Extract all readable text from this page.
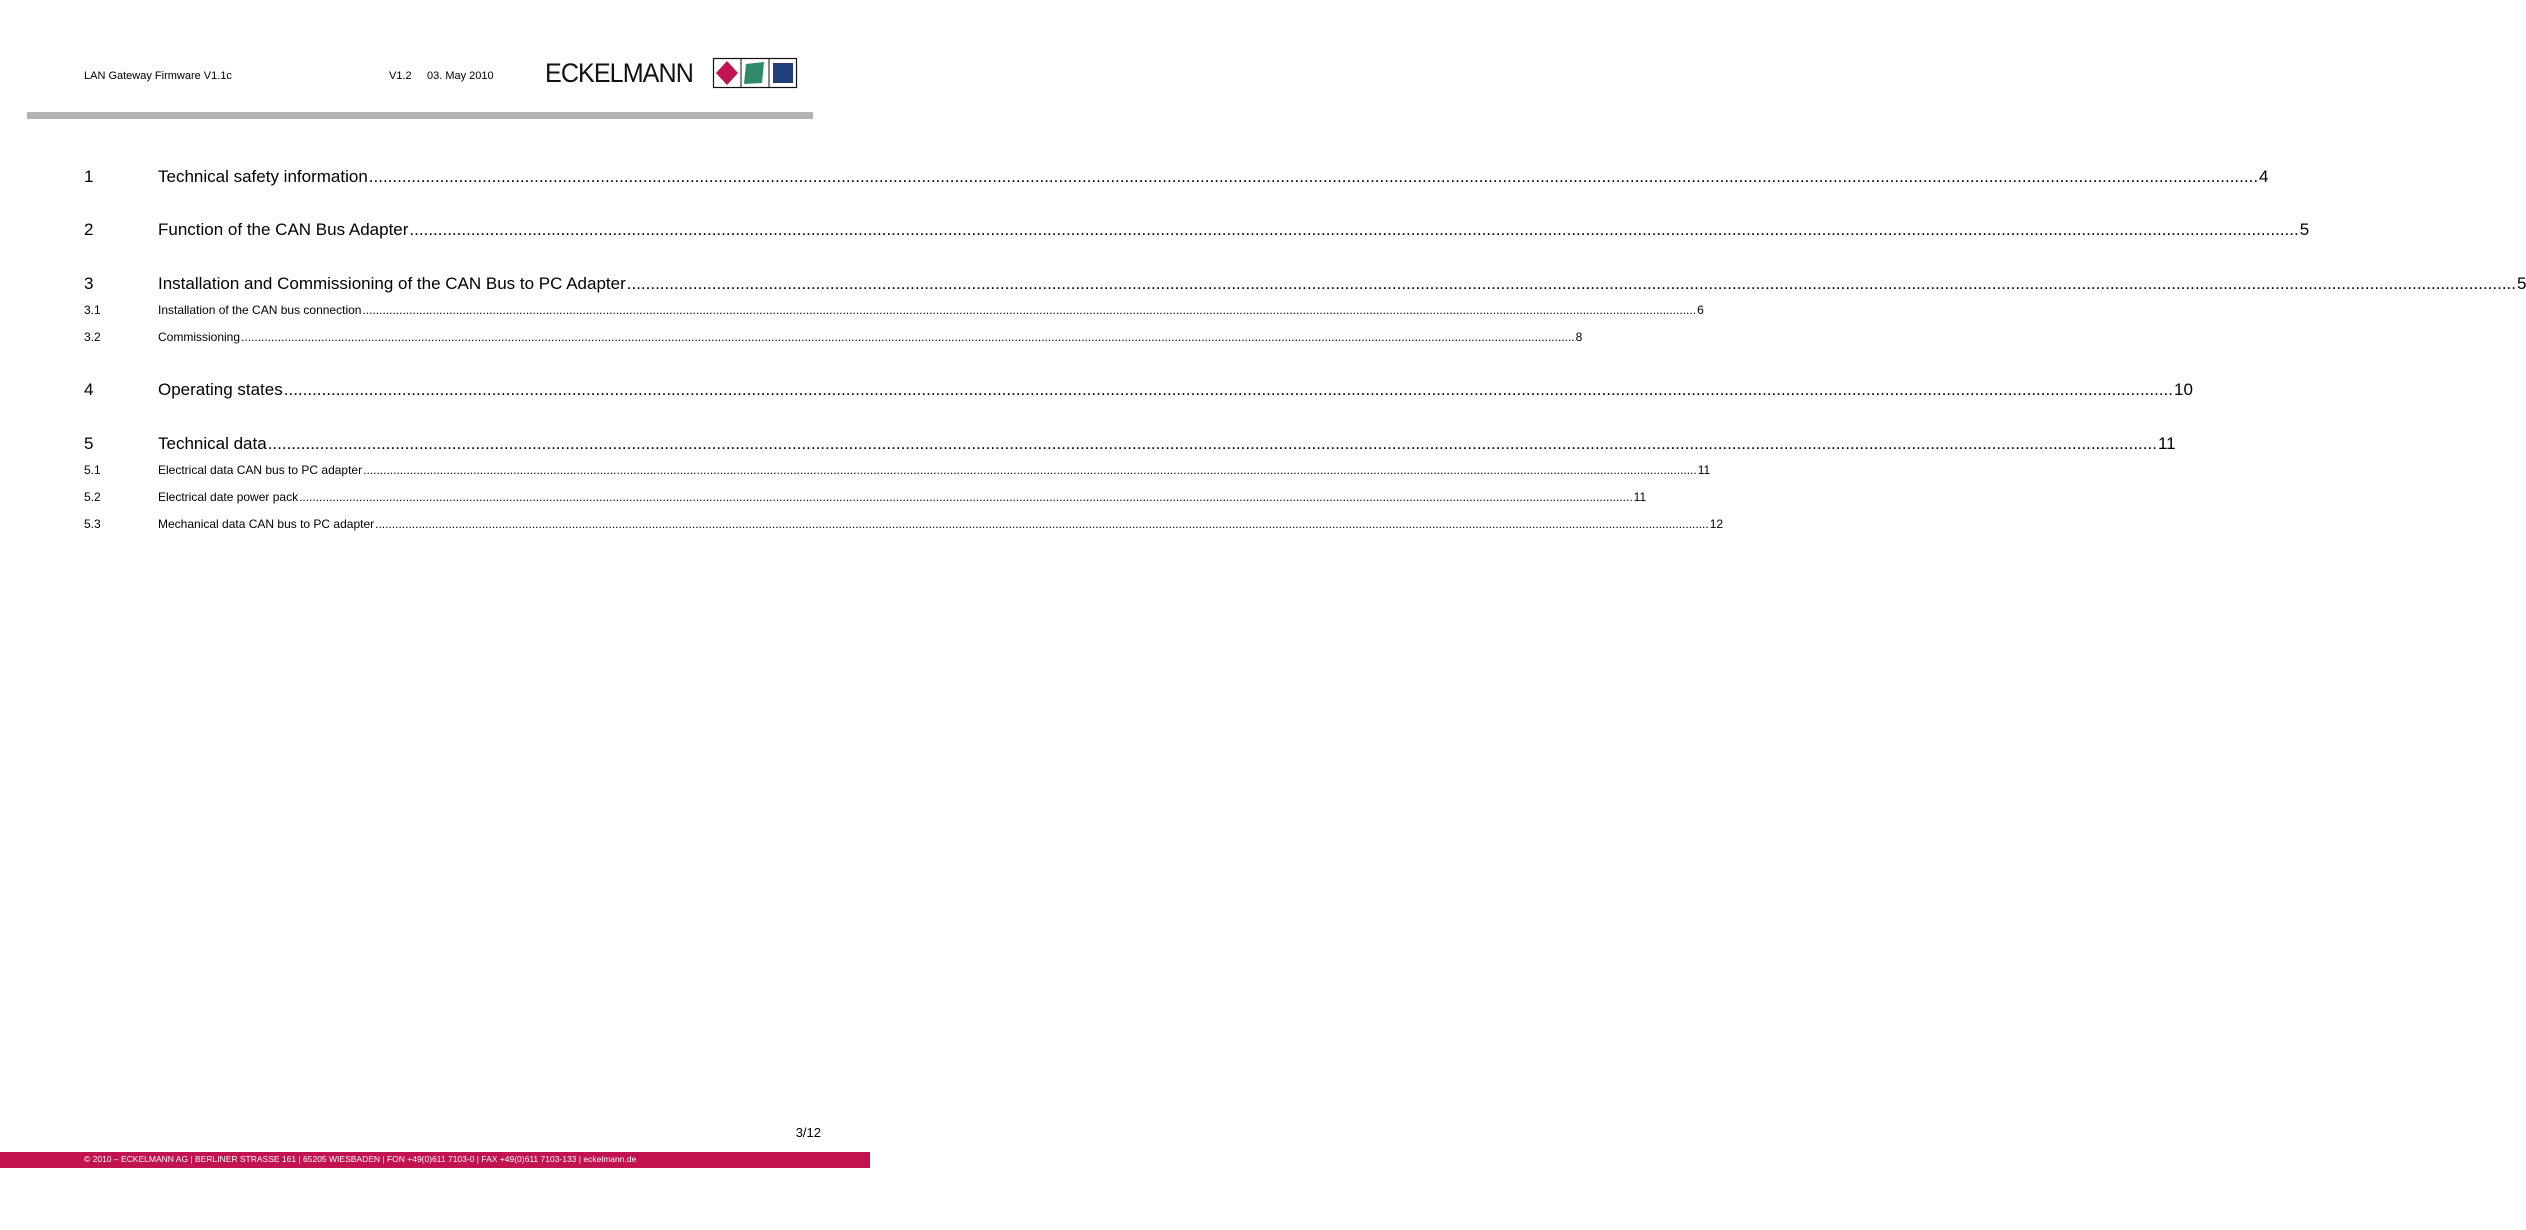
LAN Gateway Firmware V1.1c	V1.2 03. May 2010 ECKELMANN
1	Technical safety information ................................................................................................................................................................................................................................................................................................................................................................................................................ 4
2	Function of the CAN Bus Adapter ................................................................................................................................................................................................................................................................................................................................................................................................................ 5
3	Installation and Commissioning of the CAN Bus to PC Adapter ................................................................................................................................................................................................................................................................................................................................................................................................................ 5
3.1	Installation of the CAN bus connection ................................................................................................................................................................................................................................................................................................................................................................................................................ 6
3.2	Commissioning ................................................................................................................................................................................................................................................................................................................................................................................................................ 8
4	Operating states ................................................................................................................................................................................................................................................................................................................................................................................................................ 10
5	Technical data ................................................................................................................................................................................................................................................................................................................................................................................................................ 11
5.1	Electrical data CAN bus to PC adapter ................................................................................................................................................................................................................................................................................................................................................................................................................ 11
5.2	Electrical date power pack ................................................................................................................................................................................................................................................................................................................................................................................................................ 11
5.3	Mechanical data CAN bus to PC adapter ................................................................................................................................................................................................................................................................................................................................................................................................................ 12
3/12
© 2010 – ECKELMANN AG | BERLINER STRASSE 161 | 65205 WIESBADEN | FON +49(0)611 7103-0 | FAX +49(0)611 7103-133 | eckelmann.de
